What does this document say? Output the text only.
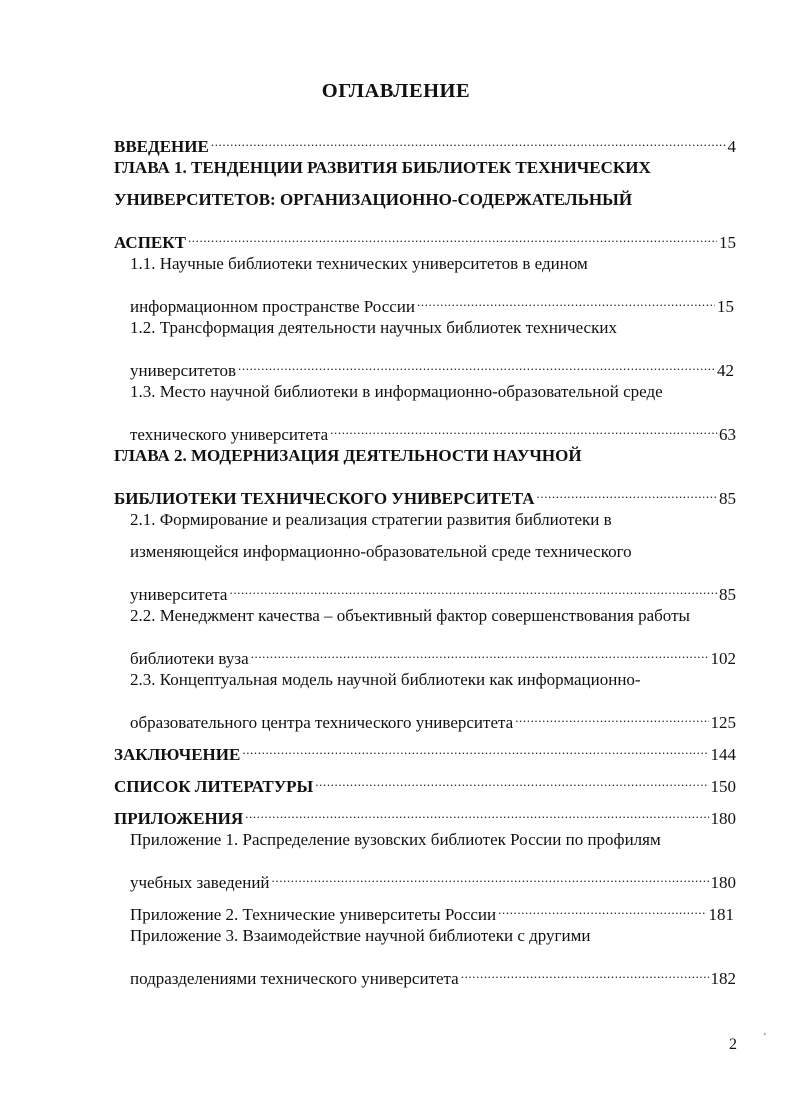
ОГЛАВЛЕНИЕ
ВВЕДЕНИЕ .....	4
ГЛАВА 1. ТЕНДЕНЦИИ РАЗВИТИЯ БИБЛИОТЕК ТЕХНИЧЕСКИХ
УНИВЕРСИТЕТОВ: ОРГАНИЗАЦИОННО-СОДЕРЖАТЕЛЬНЫЙ
АСПЕКТ .....	15
1.1. Научные библиотеки технических университетов в едином
информационном пространстве России .....	15
1.2. Трансформация деятельности научных библиотек технических
университетов .....	42
1.3. Место научной библиотеки в информационно-образовательной среде
технического университета .....	63
ГЛАВА 2. МОДЕРНИЗАЦИЯ ДЕЯТЕЛЬНОСТИ НАУЧНОЙ
БИБЛИОТЕКИ ТЕХНИЧЕСКОГО УНИВЕРСИТЕТА .....	85
2.1. Формирование и реализация стратегии развития библиотеки в
изменяющейся информационно-образовательной среде технического
университета .....	85
2.2. Менеджмент качества – объективный фактор совершенствования работы
библиотеки вуза .....	102
2.3. Концептуальная модель научной библиотеки как информационно-
образовательного центра технического университета .....	125
ЗАКЛЮЧЕНИЕ .....	144
СПИСОК ЛИТЕРАТУРЫ .....	150
ПРИЛОЖЕНИЯ .....	180
Приложение 1. Распределение вузовских библиотек России по профилям
учебных заведений .....	180
Приложение 2. Технические университеты России .....	181
Приложение 3. Взаимодействие научной библиотеки с другими
подразделениями технического университета .....	182
2	'
